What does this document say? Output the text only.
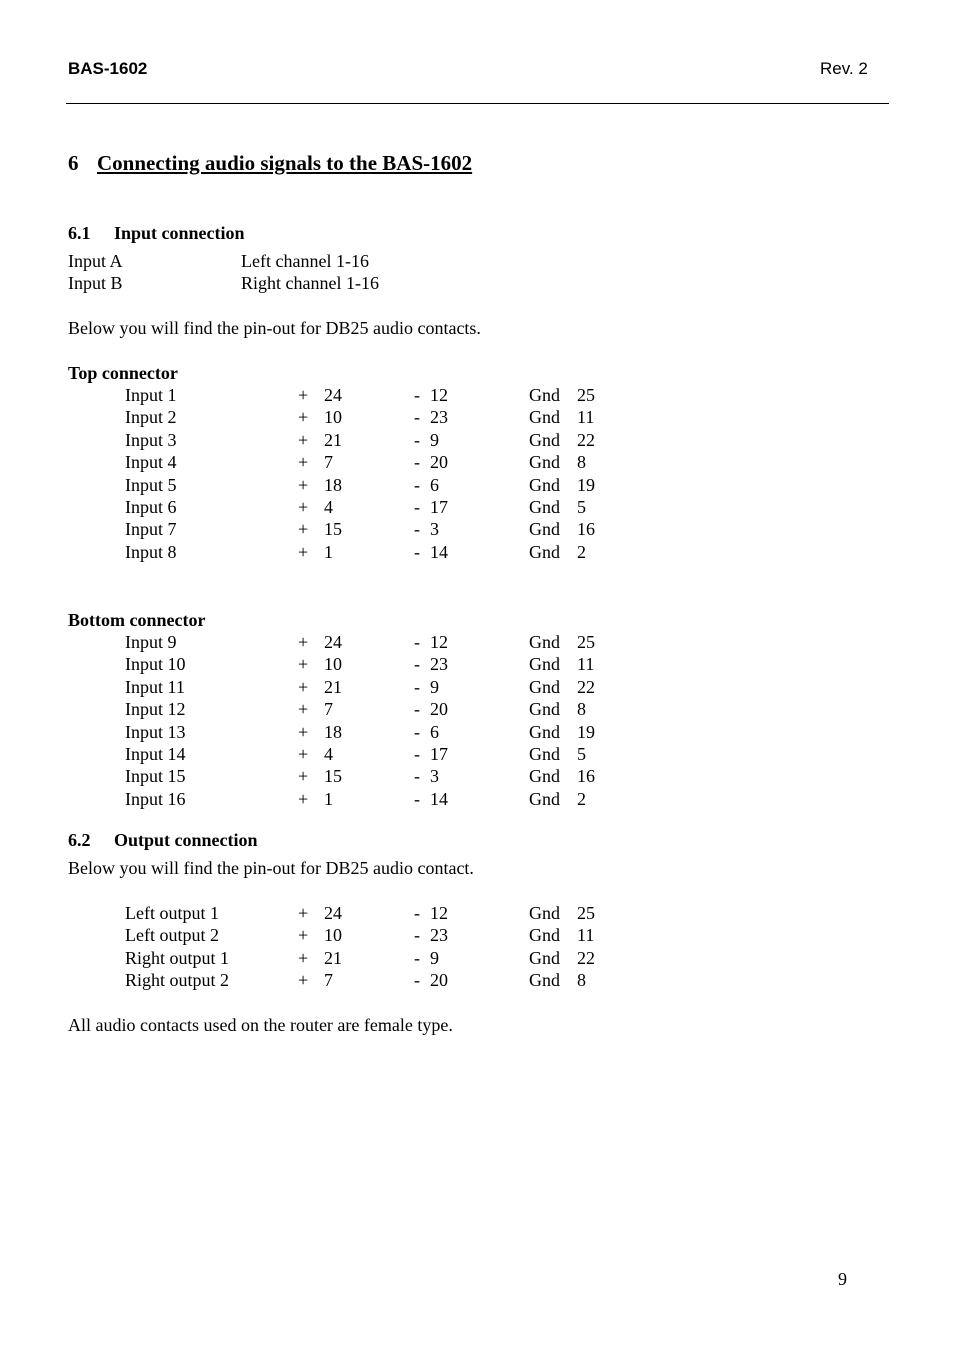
BAS-1602	Rev. 2
6 Connecting audio signals to the BAS-1602
6.1 Input connection
Input A	Left channel 1-16
Input B	Right channel 1-16
Below you will find the pin-out for DB25 audio contacts.
Top connector
Input 1	+ 24	- 12	Gnd 25
Input 2	+ 10	- 23	Gnd 11
Input 3	+ 21	- 9	Gnd 22
Input 4	+ 7	- 20	Gnd 8
Input 5	+ 18	- 6	Gnd 19
Input 6	+ 4	- 17	Gnd 5
Input 7	+ 15	- 3	Gnd 16
Input 8	+ 1	- 14	Gnd 2
Bottom connector
Input 9	+ 24	- 12	Gnd 25
Input 10	+ 10	- 23	Gnd 11
Input 11	+ 21	- 9	Gnd 22
Input 12	+ 7	- 20	Gnd 8
Input 13	+ 18	- 6	Gnd 19
Input 14	+ 4	- 17	Gnd 5
Input 15	+ 15	- 3	Gnd 16
Input 16	+ 1	- 14	Gnd 2
6.2 Output connection
Below you will find the pin-out for DB25 audio contact.
Left output 1	+ 24	- 12	Gnd 25
Left output 2	+ 10	- 23	Gnd 11
Right output 1	+ 21	- 9	Gnd 22
Right output 2	+ 7	- 20	Gnd 8
All audio contacts used on the router are female type.
9
